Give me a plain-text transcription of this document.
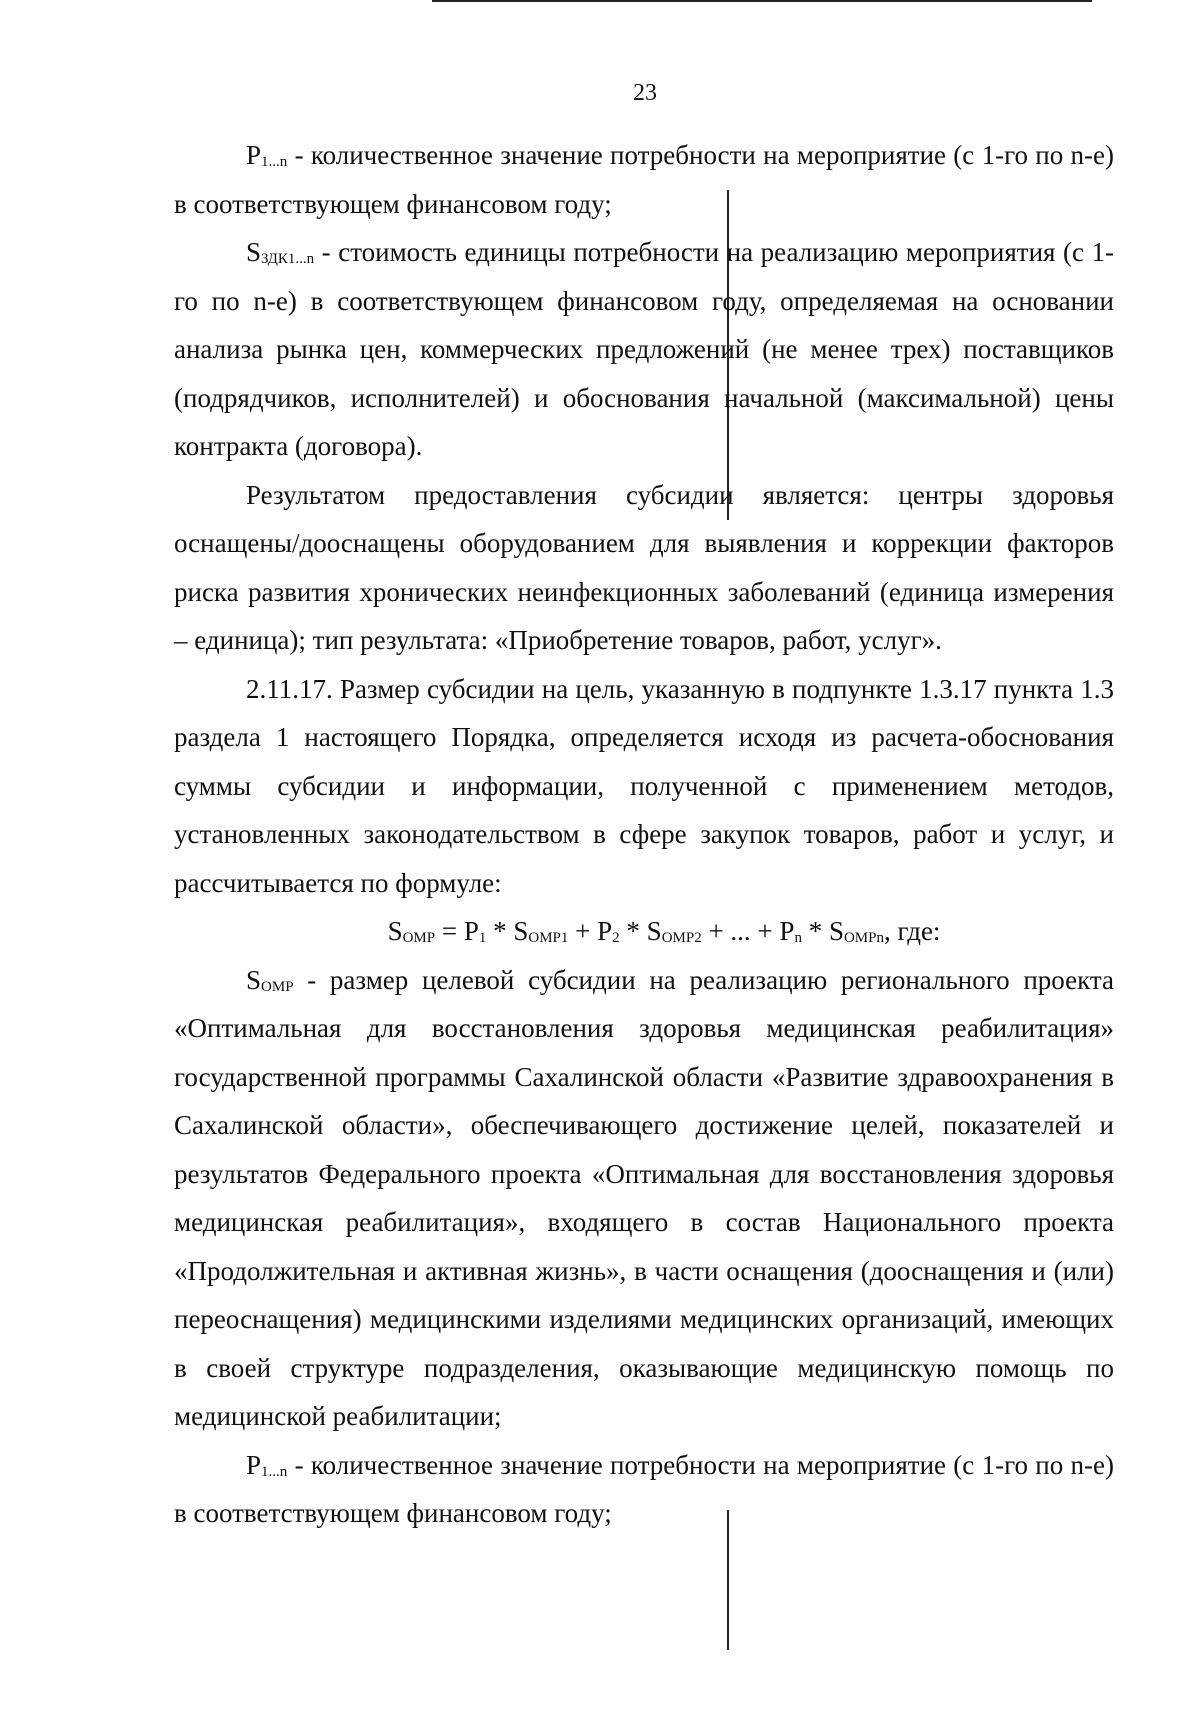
23

$P_{1...n}$ - количественное значение потребности на мероприятие (с 1-го по n-е) в соответствующем финансовом году;

$S_{ЗДК1...n}$ - стоимость единицы потребности на реализацию мероприятия (с 1-го по n-е) в соответствующем финансовом году, определяемая на основании анализа рынка цен, коммерческих предложений (не менее трех) поставщиков (подрядчиков, исполнителей) и обоснования начальной (максимальной) цены контракта (договора).

Результатом предоставления субсидии является: центры здоровья оснащены/дооснащены оборудованием для выявления и коррекции факторов риска развития хронических неинфекционных заболеваний (единица измерения – единица); тип результата: «Приобретение товаров, работ, услуг».

2.11.17. Размер субсидии на цель, указанную в подпункте 1.3.17 пункта 1.3 раздела 1 настоящего Порядка, определяется исходя из расчета-обоснования суммы субсидии и информации, полученной с применением методов, установленных законодательством в сфере закупок товаров, работ и услуг, и рассчитывается по формуле:

$S_{OMP} = P_1 * S_{OMP1} + P_2 * S_{OMP2}$ + ... + $P_n * S_{OMPn}$, где:

$S_{OMP}$ - размер целевой субсидии на реализацию регионального проекта «Оптимальная для восстановления здоровья медицинская реабилитация» государственной программы Сахалинской области «Развитие здравоохранения в Сахалинской области», обеспечивающего достижение целей, показателей и результатов Федерального проекта «Оптимальная для восстановления здоровья медицинская реабилитация», входящего в состав Национального проекта «Продолжительная и активная жизнь», в части оснащения (дооснащения и (или) переоснащения) медицинскими изделиями медицинских организаций, имеющих в своей структуре подразделения, оказывающие медицинскую помощь по медицинской реабилитации;

$P_{1...n}$ - количественное значение потребности на мероприятие (с 1-го по n-е) в соответствующем финансовом году;
